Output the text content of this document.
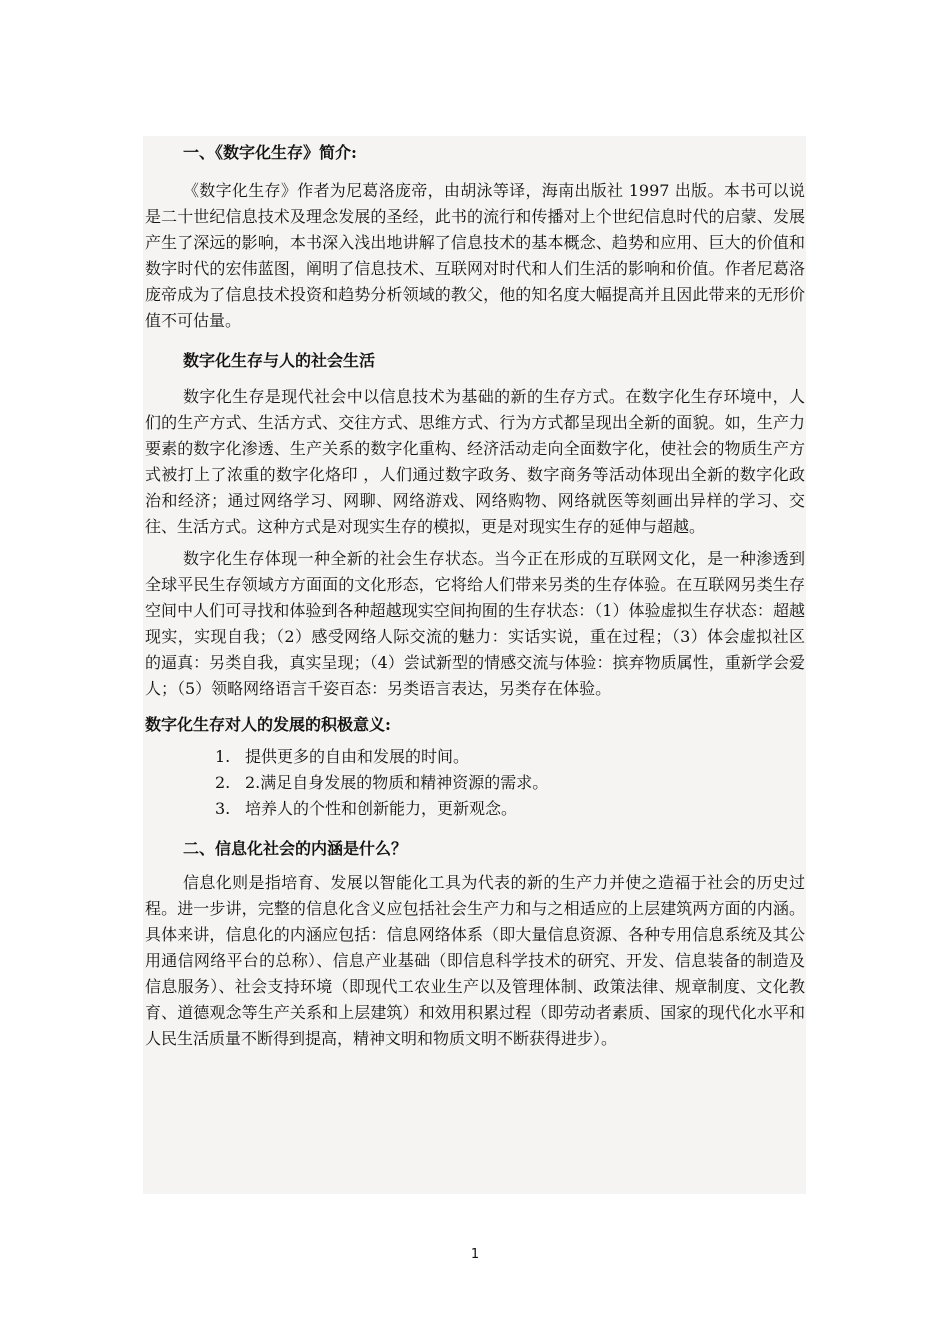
一、《数字化生存》简介:
《数字化生存》作者为尼葛洛庞帝，由胡泳等译，海南出版社 1997 出版。本书可以说是二十世纪信息技术及理念发展的圣经，此书的流行和传播对上个世纪信息时代的启蒙、发展产生了深远的影响，本书深入浅出地讲解了信息技术的基本概念、趋势和应用、巨大的价值和数字时代的宏伟蓝图，阐明了信息技术、互联网对时代和人们生活的影响和价值。作者尼葛洛庞帝成为了信息技术投资和趋势分析领域的教父，他的知名度大幅提高并且因此带来的无形价值不可估量。
数字化生存与人的社会生活
数字化生存是现代社会中以信息技术为基础的新的生存方式。在数字化生存环境中，人们的生产方式、生活方式、交往方式、思维方式、行为方式都呈现出全新的面貌。如，生产力要素的数字化渗透、生产关系的数字化重构、经济活动走向全面数字化，使社会的物质生产方式被打上了浓重的数字化烙印 ，人们通过数字政务、数字商务等活动体现出全新的数字化政治和经济；通过网络学习、网聊、网络游戏、网络购物、网络就医等刻画出异样的学习、交往、生活方式。这种方式是对现实生存的模拟，更是对现实生存的延伸与超越。
数字化生存体现一种全新的社会生存状态。当今正在形成的互联网文化，是一种渗透到全球平民生存领域方方面面的文化形态，它将给人们带来另类的生存体验。在互联网另类生存空间中人们可寻找和体验到各种超越现实空间拘囿的生存状态：（1）体验虚拟生存状态：超越现实，实现自我；（2）感受网络人际交流的魅力：实话实说，重在过程；（3）体会虚拟社区的逼真：另类自我，真实呈现；（4）尝试新型的情感交流与体验：摈弃物质属性，重新学会爱人；（5）领略网络语言千姿百态：另类语言表达，另类存在体验。
数字化生存对人的发展的积极意义:
1. 提供更多的自由和发展的时间。
2. 2.满足自身发展的物质和精神资源的需求。
3. 培养人的个性和创新能力，更新观念。
二、信息化社会的内涵是什么？
信息化则是指培育、发展以智能化工具为代表的新的生产力并使之造福于社会的历史过程。进一步讲，完整的信息化含义应包括社会生产力和与之相适应的上层建筑两方面的内涵。具体来讲，信息化的内涵应包括：信息网络体系（即大量信息资源、各种专用信息系统及其公用通信网络平台的总称）、信息产业基础（即信息科学技术的研究、开发、信息装备的制造及信息服务）、社会支持环境（即现代工农业生产以及管理体制、政策法律、规章制度、文化教育、道德观念等生产关系和上层建筑）和效用积累过程（即劳动者素质、国家的现代化水平和人民生活质量不断得到提高，精神文明和物质文明不断获得进步）。
1
